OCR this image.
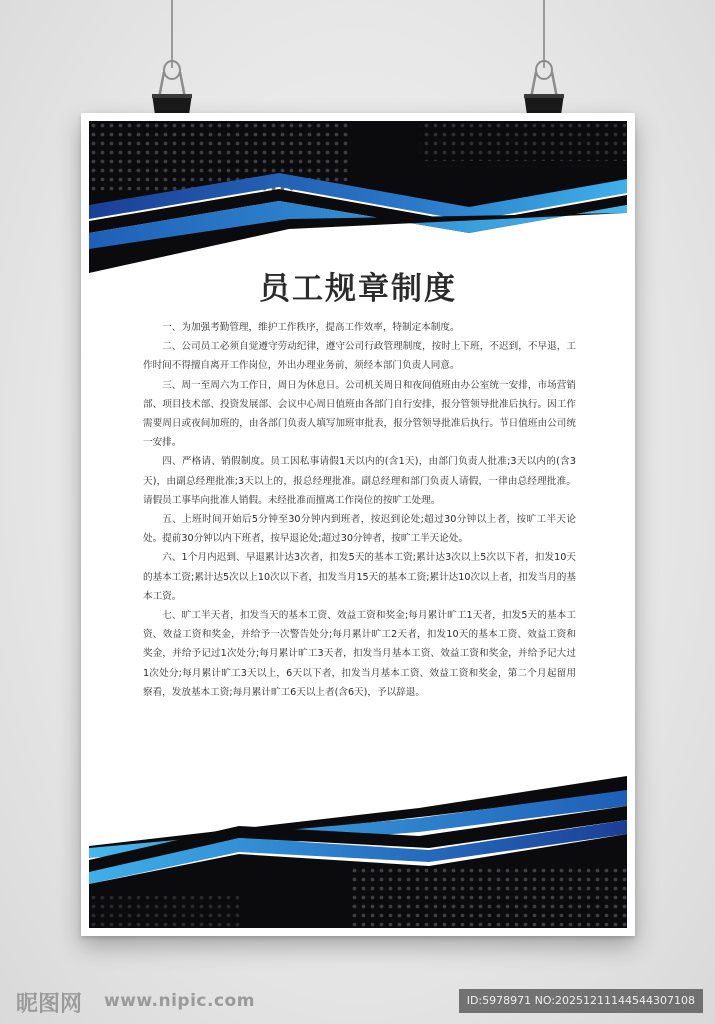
员工规章制度

一、为加强考勤管理，维护工作秩序，提高工作效率，特制定本制度。

二、公司员工必须自觉遵守劳动纪律，遵守公司行政管理制度，按时上下班，不迟到，不早退，工作时间不得擅自离开工作岗位，外出办理业务前，须经本部门负责人同意。

三、周一至周六为工作日，周日为休息日。公司机关周日和夜间值班由办公室统一安排，市场营销部、项目技术部、投资发展部、会议中心周日值班由各部门自行安排，报分管领导批准后执行。因工作需要周日或夜间加班的，由各部门负责人填写加班审批表，报分管领导批准后执行。节日值班由公司统一安排。

四、严格请、销假制度。员工因私事请假1天以内的(含1天)，由部门负责人批准;3天以内的(含3天)，由副总经理批准;3天以上的，报总经理批准。副总经理和部门负责人请假，一律由总经理批准。请假员工事毕向批准人销假。未经批准而擅离工作岗位的按旷工处理。

五、上班时间开始后5分钟至30分钟内到班者，按迟到论处;超过30分钟以上者，按旷工半天论处。提前30分钟以内下班者，按早退论处;超过30分钟者，按旷工半天论处。

六、1个月内迟到、早退累计达3次者，扣发5天的基本工资;累计达3次以上5次以下者，扣发10天的基本工资;累计达5次以上10次以下者，扣发当月15天的基本工资;累计达10次以上者，扣发当月的基本工资。

七、旷工半天者，扣发当天的基本工资、效益工资和奖金;每月累计旷工1天者，扣发5天的基本工资、效益工资和奖金，并给予一次警告处分;每月累计旷工2天者，扣发10天的基本工资、效益工资和奖金，并给予记过1次处分;每月累计旷工3天者，扣发当月基本工资、效益工资和奖金，并给予记大过1次处分;每月累计旷工3天以上，6天以下者，扣发当月基本工资、效益工资和奖金，第二个月起留用察看，发放基本工资;每月累计旷工6天以上者(含6天)，予以辞退。

昵图网 www.nipic.com	ID:5978971 NO:20251211144544307108
